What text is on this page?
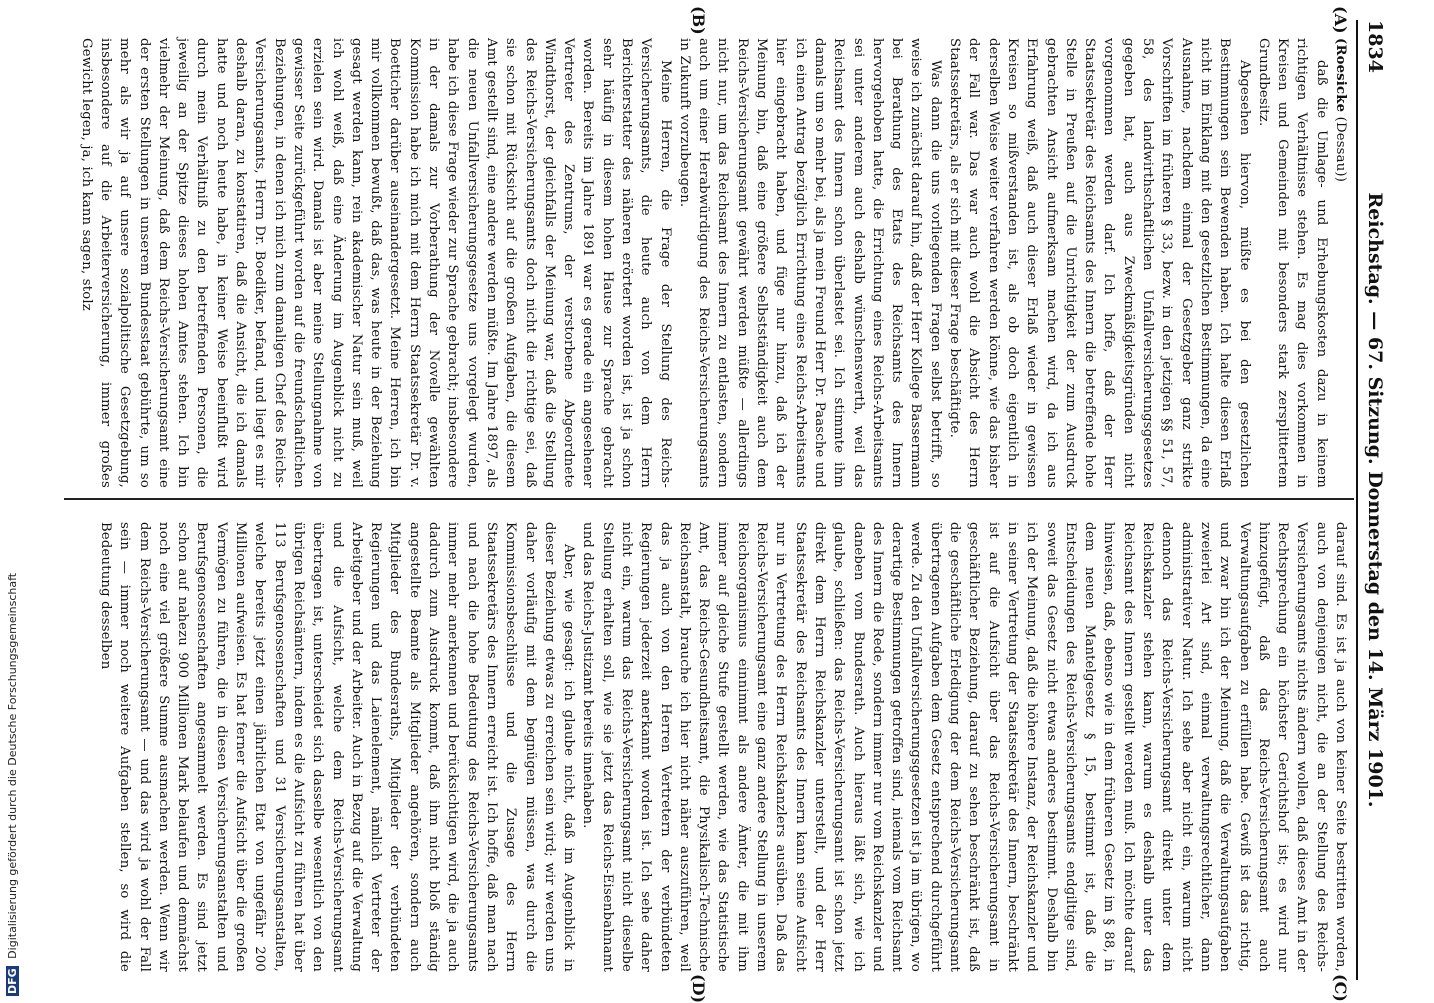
1834
Reichstag. — 67. Sitzung. Donnerstag den 14. März 1901.
(A)
(B)
(C)
(D)

(Roesicke (Dessau))

daß die Umlage- und Erhebungskosten dazu in keinem richtigen Verhältnisse stehen. Es mag dies vorkommen in Kreisen und Gemeinden mit besonders stark zersplittertem Grundbesitz.

Abgesehen hiervon, müßte es bei den gesetzlichen Bestimmungen sein Bewenden haben. Ich halte diesen Erlaß nicht im Einklang mit den gesetzlichen Bestimmungen, da eine Ausnahme, nachdem einmal der Gesetzgeber ganz strikte Vorschriften im früheren § 33, bezw. in den jetzigen §§ 51, 57, 58, des landwirthschaftlichen Unfallversicherungsgesetzes gegeben hat, auch aus Zweckmäßigkeitsgründen nicht vorgenommen werden darf. Ich hoffe, daß der Herr Staatssekretär des Reichsamts des Innern die betreffende hohe Stelle in Preußen auf die Unrichtigkeit der zum Ausdruck gebrachten Ansicht aufmerksam machen wird, da ich aus Erfahrung weiß, daß auch dieser Erlaß wieder in gewissen Kreisen so mißverstanden ist, als ob doch eigentlich in derselben Weise weiter verfahren werden könne, wie das bisher der Fall war. Das war auch wohl die Absicht des Herrn Staatssekretärs, als er sich mit dieser Frage beschäftigte.

Was dann die uns vorliegenden Fragen selbst betrifft, so weise ich zunächst darauf hin, daß der Herr Kollege Bassermann bei Berathung des Etats des Reichsamts des Innern hervorgehoben hatte, die Errichtung eines Reichs-Arbeitsamts sei unter anderem auch deshalb wünschenswerth, weil das Reichsamt des Innern schon überlastet sei. Ich stimmte ihm damals um so mehr bei, als ja mein Freund Herr Dr. Paasche und ich einen Antrag bezüglich Errichtung eines Reichs-Arbeitsamts hier eingebracht haben, und füge nur hinzu, daß ich der Meinung bin, daß eine größere Selbstständigkeit auch dem Reichs-Versicherungsamt gewährt werden müßte — allerdings nicht nur, um das Reichsamt des Innern zu entlasten, sondern auch um einer Herabwürdigung des Reichs-Versicherungsamts in Zukunft vorzubeugen.

Meine Herren, die Frage der Stellung des Reichs-Versicherungsamts, die heute auch von dem Herrn Berichterstatter des näheren erörtert worden ist, ist ja schon sehr häufig in diesem hohen Hause zur Sprache gebracht worden. Bereits im Jahre 1891 war es gerade ein angesehener Vertreter des Zentrums, der verstorbene Abgeordnete Windthorst, der gleichfalls der Meinung war, daß die Stellung des Reichs-Versicherungsamts doch nicht die richtige sei, daß sie schon mit Rücksicht auf die großen Aufgaben, die diesem Amt gestellt sind, eine andere werden müßte. Im Jahre 1897, als die neuen Unfallversicherungsgesetze uns vorgelegt wurden, habe ich diese Frage wieder zur Sprache gebracht; insbesondere in der damals zur Vorberathung der Novelle gewählten Kommission habe ich mich mit dem Herrn Staatssekretär Dr. v. Boetticher darüber auseinandergesetzt. Meine Herren, ich bin mir vollkommen bewußt, daß das, was heute in der Beziehung gesagt werden kann, rein akademischer Natur sein muß, weil ich wohl weiß, daß eine Änderung im Augenblick nicht zu erzielen sein wird. Damals ist aber meine Stellungnahme von gewisser Seite zurückgeführt worden auf die freundschaftlichen Beziehungen, in denen ich mich zum damaligen Chef des Reichs-Versicherungsamts, Herrn Dr. Boediker, befand, und liegt es mir deshalb daran, zu konstatiren, daß die Ansicht, die ich damals hatte und noch heute habe, in keiner Weise beeinflußt wird durch mein Verhältniß zu den betreffenden Personen, die jeweilig an der Spitze dieses hohen Amtes stehen. Ich bin vielmehr der Meinung, daß dem Reichs-Versicherungsamt eine der ersten Stellungen in unserem Bundesstaat gebührte, um so mehr als wir ja auf unsere sozialpolitische Gesetzgebung, insbesondere auf die Arbeiterversicherung, immer großes Gewicht legen, ja, ich kann sagen, stolz

darauf sind. Es ist ja auch von keiner Seite bestritten worden, auch von denjenigen nicht, die an der Stellung des Reichs-Versicherungsamts nichts ändern wollen, daß dieses Amt in der Rechtsprechung ein höchster Gerichtshof ist; es wird nur hinzugefügt, daß das Reichs-Versicherungsamt auch Verwaltungsaufgaben zu erfüllen habe. Gewiß ist das richtig, und zwar bin ich der Meinung, daß die Verwaltungsaufgaben zweierlei Art sind, einmal verwaltungsrechtlicher, dann administrativer Natur. Ich sehe aber nicht ein, warum nicht dennoch das Reichs-Versicherungsamt direkt unter dem Reichskanzler stehen kann, warum es deshalb unter das Reichsamt des Innern gestellt werden muß. Ich möchte darauf hinweisen, daß, ebenso wie in dem früheren Gesetz im § 88, in dem neuen Mantelgesetz § 15, bestimmt ist, daß die Entscheidungen des Reichs-Versicherungsamts endgiltige sind, soweit das Gesetz nicht etwas anderes bestimmt. Deshalb bin ich der Meinung, daß die höhere Instanz, der Reichskanzler und in seiner Vertretung der Staatssekretär des Innern, beschränkt ist auf die Aufsicht über das Reichs-Versicherungsamt in geschäftlicher Beziehung, darauf zu sehen beschränkt ist, daß die geschäftliche Erledigung der dem Reichs-Versicherungsamt übertragenen Aufgaben dem Gesetz entsprechend durchgeführt werde. Zu den Unfallversicherungsgesetzen ist ja im übrigen, wo derartige Bestimmungen getroffen sind, niemals vom Reichsamt des Innern die Rede, sondern immer nur vom Reichskanzler und daneben vom Bundesrath. Auch hieraus läßt sich, wie ich glaube, schließen: das Reichs-Versicherungsamt ist schon jetzt direkt dem Herrn Reichskanzler unterstellt, und der Herr Staatssekretär des Reichsamts des Innern kann seine Aufsicht nur in Vertretung des Herrn Reichskanzlers ausüben. Daß das Reichs-Versicherungsamt eine ganz andere Stellung in unserem Reichsorganismus einnimmt als andere Ämter, die mit ihm immer auf gleiche Stufe gestellt werden, wie das Statistische Amt, das Reichs-Gesundheitsamt, die Physikalisch-Technische Reichsanstalt, brauche ich hier nicht näher auszuführen, weil das ja auch von den Herren Vertretern der verbündeten Regierungen jederzeit anerkannt worden ist. Ich sehe daher nicht ein, warum das Reichs-Versicherungsamt nicht dieselbe Stellung erhalten soll, wie sie jetzt das Reichs-Eisenbahnamt und das Reichs-Justizamt bereits innehaben.

Aber, wie gesagt: ich glaube nicht, daß im Augenblick in dieser Beziehung etwas zu erreichen sein wird; wir werden uns daher vorläufig mit dem begnügen müssen, was durch die Kommissionsbeschlüsse und die Zusage des Herrn Staatssekretärs des Innern erreicht ist. Ich hoffe, daß man nach und nach die hohe Bedeutung des Reichs-Versicherungsamts immer mehr anerkennen und berücksichtigen wird, die ja auch dadurch zum Ausdruck kommt, daß ihm nicht bloß ständig angestellte Beamte als Mitglieder angehören, sondern auch Mitglieder des Bundesraths, Mitglieder der verbündeten Regierungen und das Laienelement, nämlich Vertreter der Arbeitgeber und der Arbeiter. Auch in Bezug auf die Verwaltung und die Aufsicht, welche dem Reichs-Versicherungsamt übertragen ist, unterscheidet sich dasselbe wesentlich von den übrigen Reichsämtern, indem es die Aufsicht zu führen hat über 113 Berufsgenossenschaften und 31 Versicherungsanstalten, welche bereits jetzt einen jährlichen Etat von ungefähr 200 Millionen aufweisen. Es hat ferner die Aufsicht über die großen Vermögen zu führen, die in diesen Versicherungsanstalten und Berufsgenossenschaften angesammelt werden. Es sind jetzt schon auf nahezu 900 Millionen Mark belaufen und demnächst noch eine viel größere Summe ausmachen werden. Wenn wir dem Reichs-Versicherungsamt — und das wird ja wohl der Fall sein — immer noch weitere Aufgaben stellen, so wird die Bedeutung desselben

DFG Digitalisierung gefördert durch die Deutsche Forschungsgemeinschaft
